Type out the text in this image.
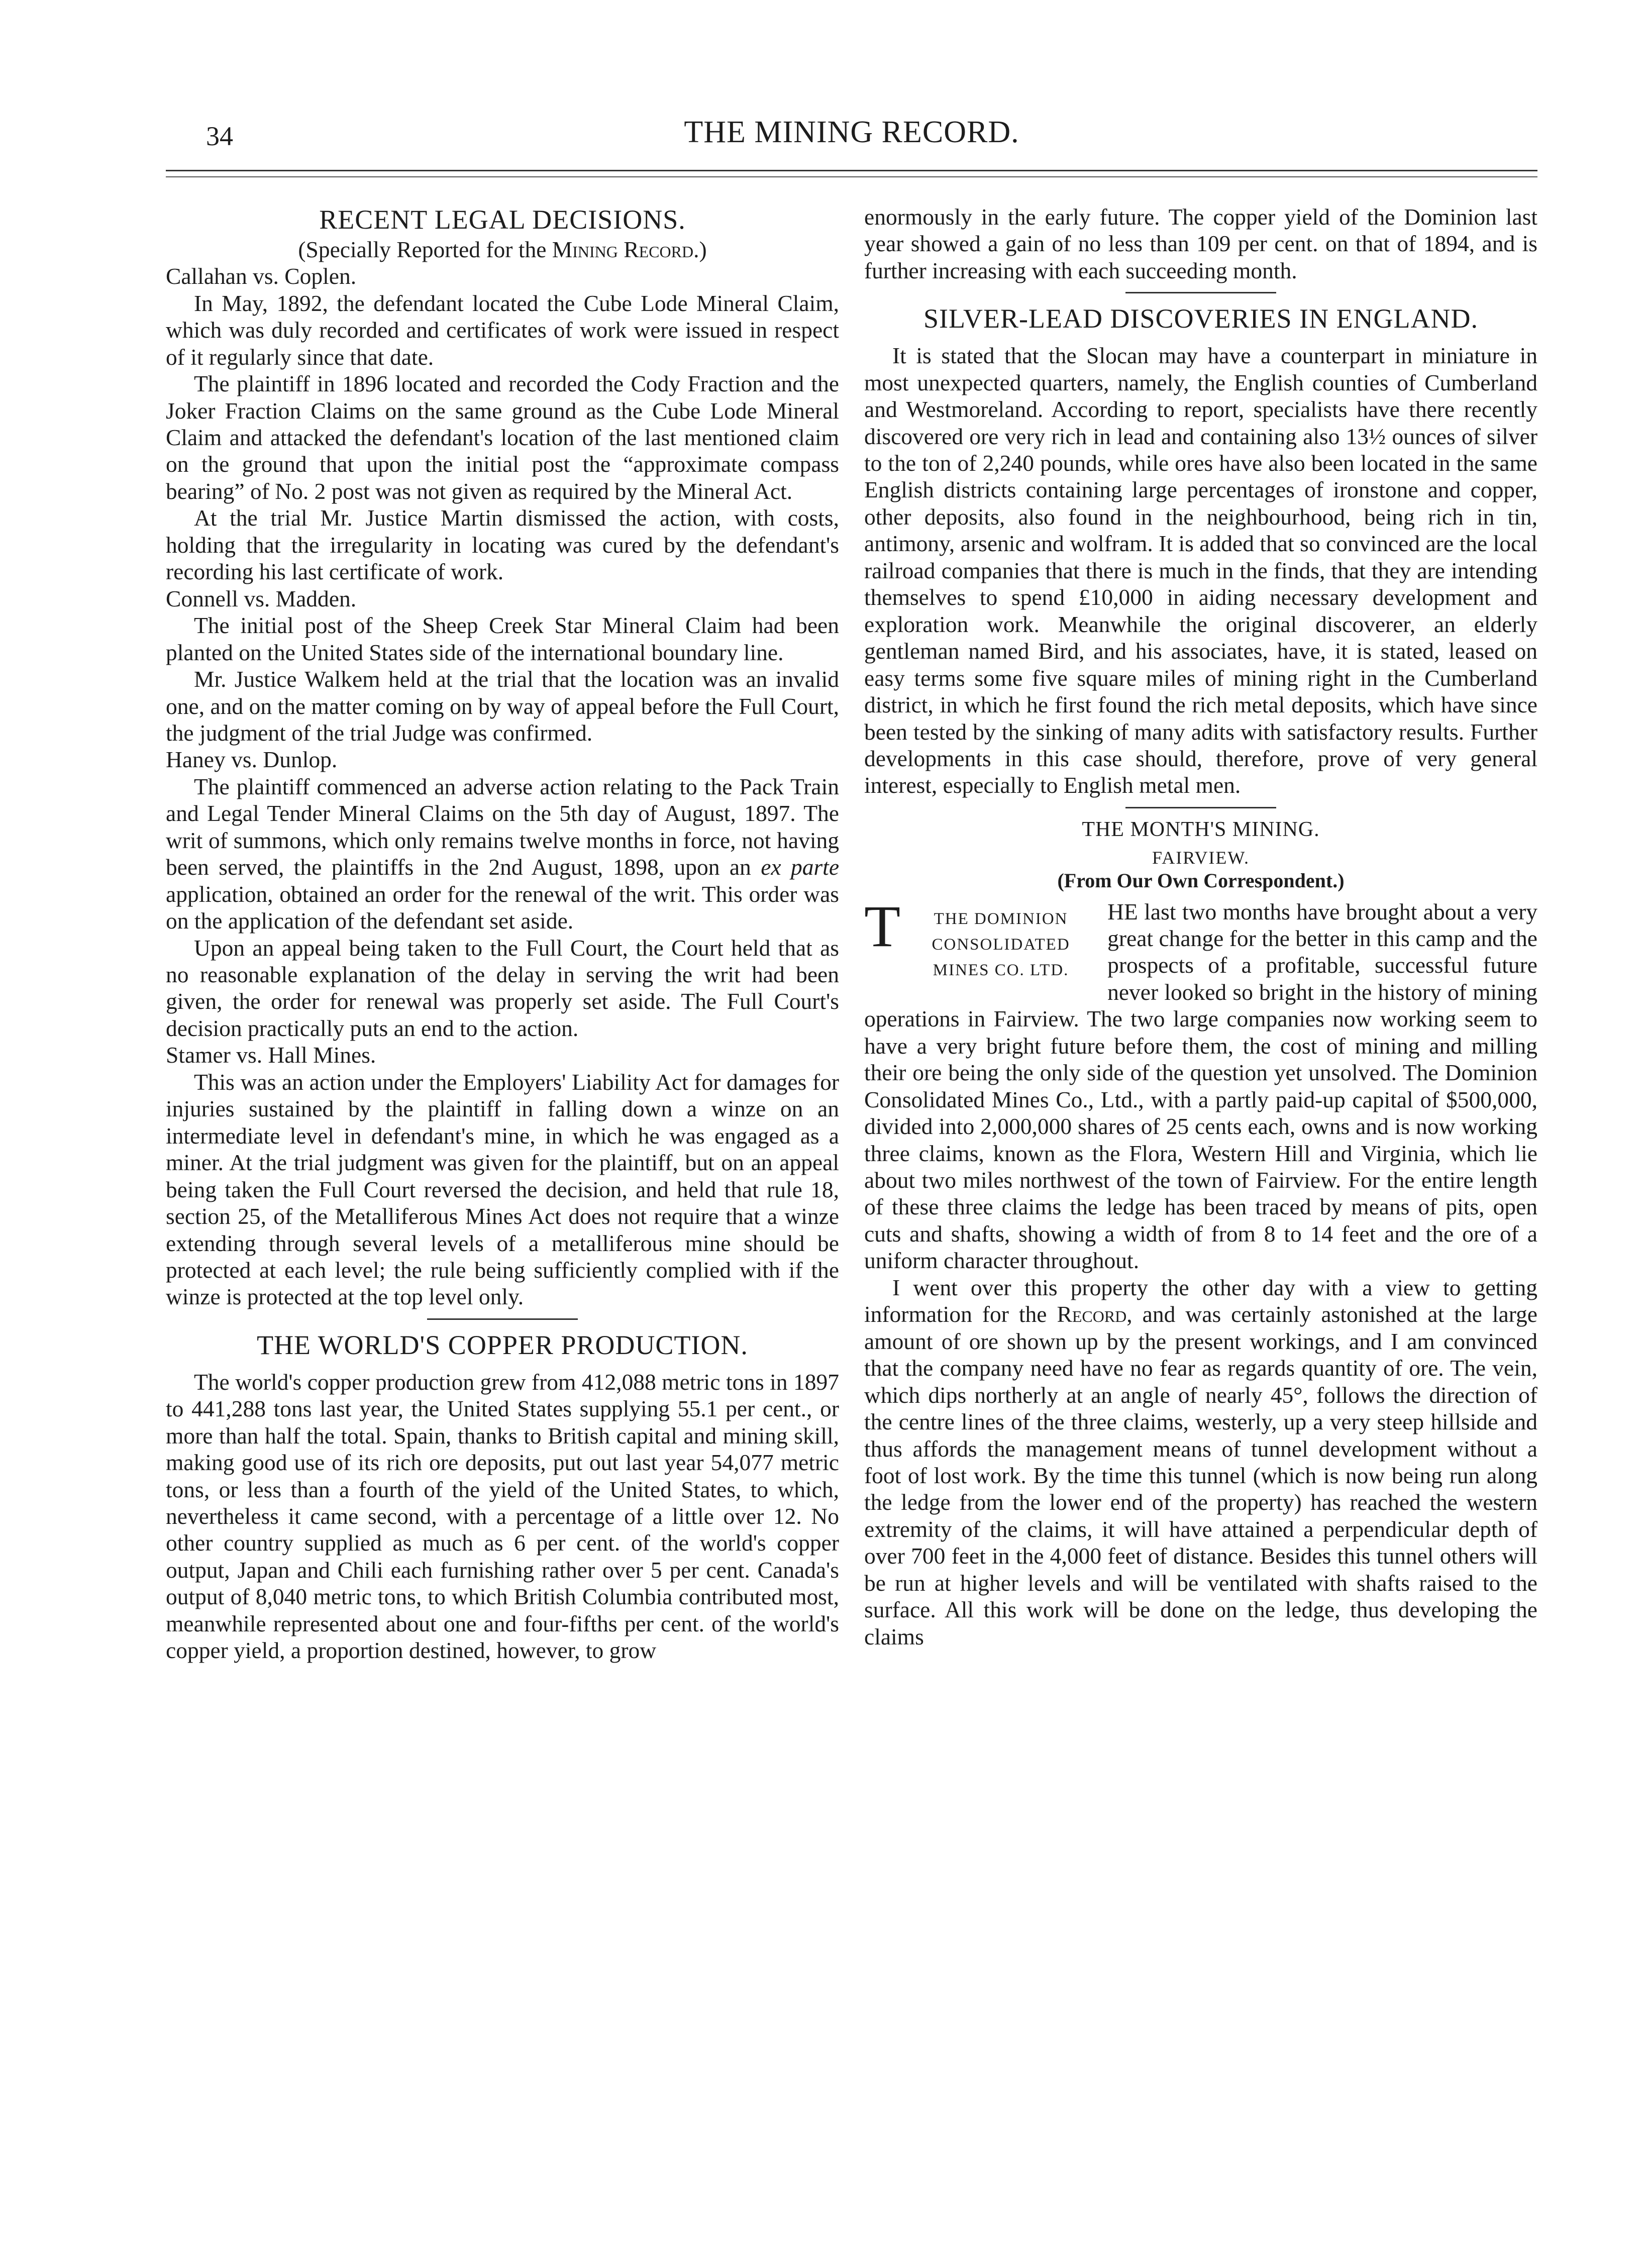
34	THE MINING RECORD.
RECENT LEGAL DECISIONS.

(Specially Reported for the Mining Record.)

Callahan vs. Coplen.

In May, 1892, the defendant located the Cube Lode Mineral Claim, which was duly recorded and certificates of work were issued in respect of it regularly since that date.

The plaintiff in 1896 located and recorded the Cody Fraction and the Joker Fraction Claims on the same ground as the Cube Lode Mineral Claim and attacked the defendant's location of the last mentioned claim on the ground that upon the initial post the “approximate compass bearing” of No. 2 post was not given as required by the Mineral Act.

At the trial Mr. Justice Martin dismissed the action, with costs, holding that the irregularity in locating was cured by the defendant's recording his last certificate of work.

Connell vs. Madden.

The initial post of the Sheep Creek Star Mineral Claim had been planted on the United States side of the international boundary line.

Mr. Justice Walkem held at the trial that the location was an invalid one, and on the matter coming on by way of appeal before the Full Court, the judgment of the trial Judge was confirmed.

Haney vs. Dunlop.

The plaintiff commenced an adverse action relating to the Pack Train and Legal Tender Mineral Claims on the 5th day of August, 1897. The writ of summons, which only remains twelve months in force, not having been served, the plaintiffs in the 2nd August, 1898, upon an ex parte application, obtained an order for the renewal of the writ. This order was on the application of the defendant set aside.

Upon an appeal being taken to the Full Court, the Court held that as no reasonable explanation of the delay in serving the writ had been given, the order for renewal was properly set aside. The Full Court's decision practically puts an end to the action.

Stamer vs. Hall Mines.

This was an action under the Employers' Liability Act for damages for injuries sustained by the plaintiff in falling down a winze on an intermediate level in defendant's mine, in which he was engaged as a miner. At the trial judgment was given for the plaintiff, but on an appeal being taken the Full Court reversed the decision, and held that rule 18, section 25, of the Metalliferous Mines Act does not require that a winze extending through several levels of a metalliferous mine should be protected at each level; the rule being sufficiently complied with if the winze is protected at the top level only.

THE WORLD'S COPPER PRODUCTION.

The world's copper production grew from 412,088 metric tons in 1897 to 441,288 tons last year, the United States supplying 55.1 per cent., or more than half the total. Spain, thanks to British capital and mining skill, making good use of its rich ore deposits, put out last year 54,077 metric tons, or less than a fourth of the yield of the United States, to which, nevertheless it came second, with a percentage of a little over 12. No other country supplied as much as 6 per cent. of the world's copper output, Japan and Chili each furnishing rather over 5 per cent. Canada's output of 8,040 metric tons, to which British Columbia contributed most, meanwhile represented about one and four-fifths per cent. of the world's copper yield, a proportion destined, however, to grow

enormously in the early future. The copper yield of the Dominion last year showed a gain of no less than 109 per cent. on that of 1894, and is further increasing with each succeeding month.

SILVER-LEAD DISCOVERIES IN ENGLAND.

It is stated that the Slocan may have a counterpart in miniature in most unexpected quarters, namely, the English counties of Cumberland and Westmoreland. According to report, specialists have there recently discovered ore very rich in lead and containing also 13½ ounces of silver to the ton of 2,240 pounds, while ores have also been located in the same English districts containing large percentages of ironstone and copper, other deposits, also found in the neighbourhood, being rich in tin, antimony, arsenic and wolfram. It is added that so convinced are the local railroad companies that there is much in the finds, that they are intending themselves to spend £10,000 in aiding necessary development and exploration work. Meanwhile the original discoverer, an elderly gentleman named Bird, and his associates, have, it is stated, leased on easy terms some five square miles of mining right in the Cumberland district, in which he first found the rich metal deposits, which have since been tested by the sinking of many adits with satisfactory results. Further developments in this case should, therefore, prove of very general interest, especially to English metal men.

THE MONTH'S MINING.

FAIRVIEW.

(From Our Own Correspondent.)

T	THE DOMINION CONSOLIDATED MINES CO. LTD.
HE last two months have brought about a very great change for the better in this camp and the prospects of a profitable, successful future never looked so bright in the history of mining operations in Fairview. The two large companies now working seem to have a very bright future before them, the cost of mining and milling their ore being the only side of the question yet unsolved. The Dominion Consolidated Mines Co., Ltd., with a partly paid-up capital of $500,000, divided into 2,000,000 shares of 25 cents each, owns and is now working three claims, known as the Flora, Western Hill and Virginia, which lie about two miles northwest of the town of Fairview. For the entire length of these three claims the ledge has been traced by means of pits, open cuts and shafts, showing a width of from 8 to 14 feet and the ore of a uniform character throughout.

I went over this property the other day with a view to getting information for the Record, and was certainly astonished at the large amount of ore shown up by the present workings, and I am convinced that the company need have no fear as regards quantity of ore. The vein, which dips northerly at an angle of nearly 45°, follows the direction of the centre lines of the three claims, westerly, up a very steep hillside and thus affords the management means of tunnel development without a foot of lost work. By the time this tunnel (which is now being run along the ledge from the lower end of the property) has reached the western extremity of the claims, it will have attained a perpendicular depth of over 700 feet in the 4,000 feet of distance. Besides this tunnel others will be run at higher levels and will be ventilated with shafts raised to the surface. All this work will be done on the ledge, thus developing the claims
